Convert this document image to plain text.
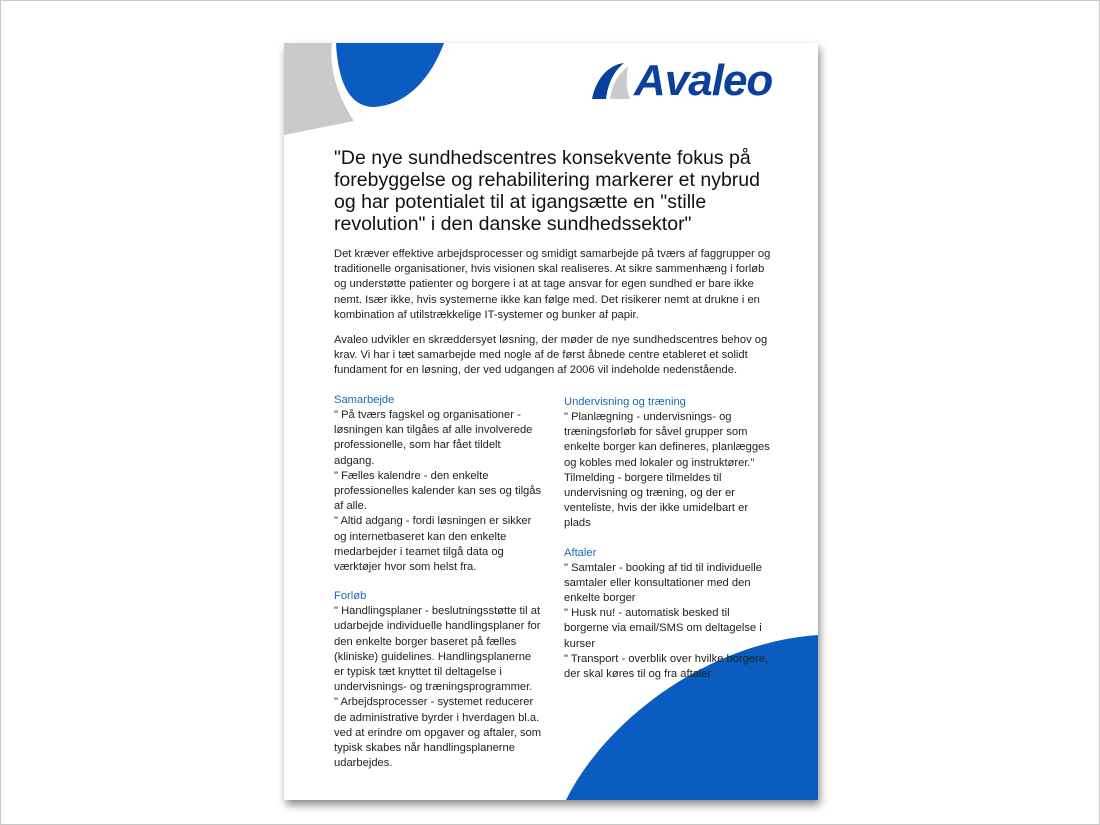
Avaleo
"De nye sundhedscentres konsekvente fokus på forebyggelse og rehabilitering markerer et nybrud og har potentialet til at igangsætte en "stille revolution" i den danske sundhedssektor"
Det kræver effektive arbejdsprocesser og smidigt samarbejde på tværs af faggrupper og traditionelle organisationer, hvis visionen skal realiseres. At sikre sammenhæng i forløb og understøtte patienter og borgere i at at tage ansvar for egen sundhed er bare ikke nemt. Især ikke, hvis systemerne ikke kan følge med. Det risikerer nemt at drukne i en kombination af utilstrækkelige IT-systemer og bunker af papir.
Avaleo udvikler en skræddersyet løsning, der møder de nye sundhedscentres behov og krav. Vi har i tæt samarbejde med nogle af de først åbnede centre etableret et solidt fundament for en løsning, der ved udgangen af 2006 vil indeholde nedenstående.
Samarbejde
" På tværs fagskel og organisationer - løsningen kan tilgåes af alle involverede professionelle, som har fået tildelt adgang.
" Fælles kalendre - den enkelte professionelles kalender kan ses og tilgås af alle.
" Altid adgang - fordi løsningen er sikker og internetbaseret kan den enkelte medarbejder i teamet tilgå data og værktøjer hvor som helst fra.
Forløb
" Handlingsplaner - beslutningsstøtte til at udarbejde individuelle handlingsplaner for den enkelte borger baseret på fælles (kliniske) guidelines. Handlingsplanerne er typisk tæt knyttet til deltagelse i undervisnings- og træningsprogrammer.
" Arbejdsprocesser - systemet reducerer de administrative byrder i hverdagen bl.a. ved at erindre om opgaver og aftaler, som typisk skabes når handlingsplanerne udarbejdes.
Undervisning og træning
" Planlægning - undervisnings- og træningsforløb for såvel grupper som enkelte borger kan defineres, planlægges og kobles med lokaler og instruktører." Tilmelding - borgere tilmeldes til undervisning og træning, og der er venteliste, hvis der ikke umidelbart er plads
Aftaler
" Samtaler - booking af tid til individuelle samtaler eller konsultationer med den enkelte borger
" Husk nu! - automatisk besked til borgerne via email/SMS om deltagelse i kurser
" Transport - overblik over hvilke borgere, der skal køres til og fra aftaler
